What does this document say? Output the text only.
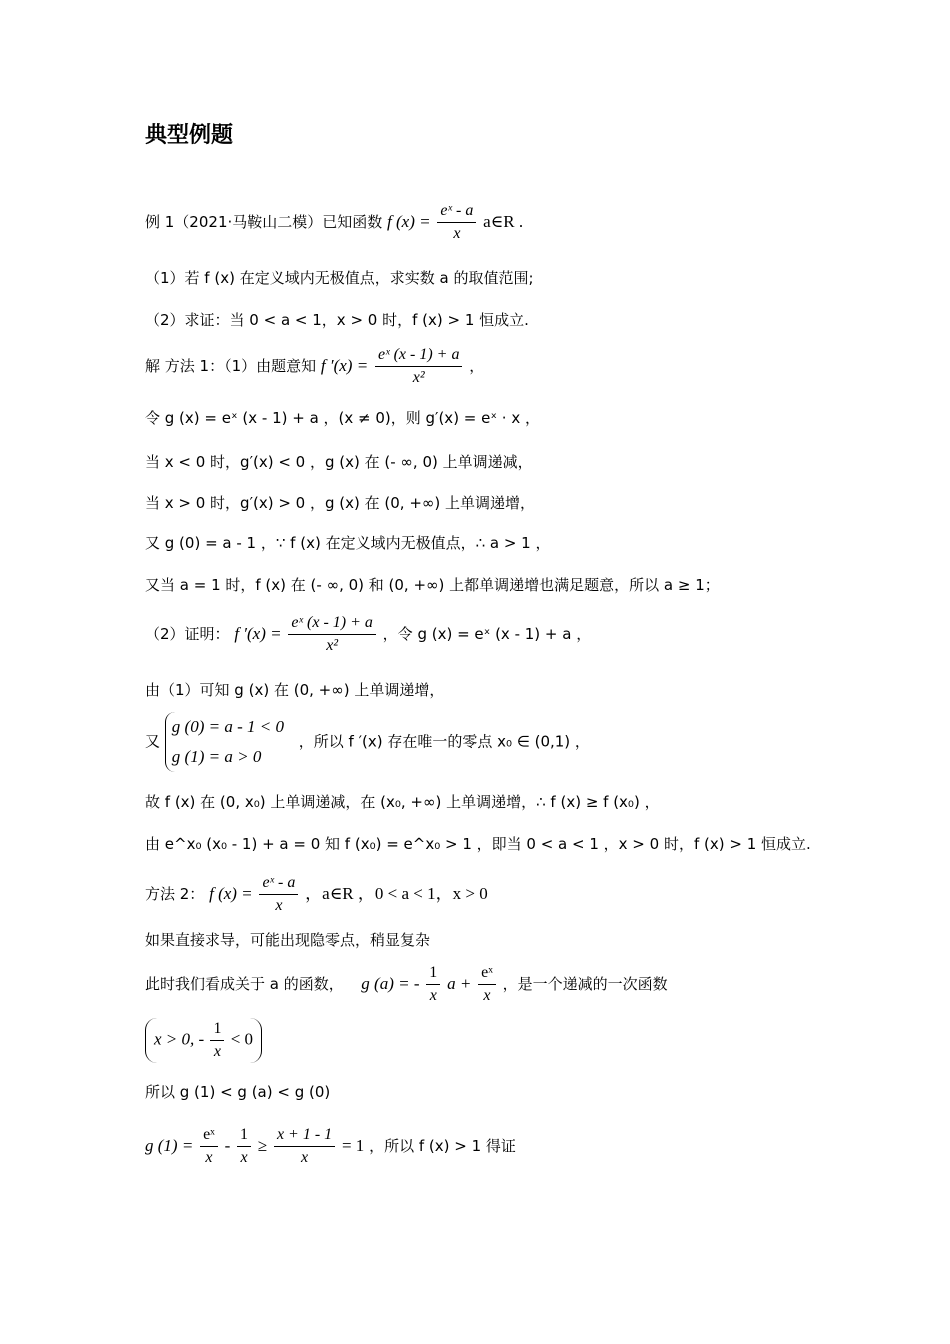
典型例题
例 1（2021·马鞍山二模）已知函数 f $(x) = \frac{\text{eˣ - a}}{x}$ a∈R .
（1）若 f (x) 在定义域内无极值点，求实数 a 的取值范围;
（2）求证：当 0 < a < 1，x > 0 时，f (x) > 1 恒成立.
解 方法 1：（1）由题意知 f $'(x) = \frac{\text{eˣ (x - 1) + a}}{\text{x²}}$ ，
令 g (x) = eˣ (x - 1) + a ，(x ≠ 0)，则 g′(x) = eˣ · x ，
当 x < 0 时，g′(x) < 0 ，g (x) 在 (- ∞, 0) 上单调递减，
当 x > 0 时，g′(x) > 0 ，g (x) 在 (0, +∞) 上单调递增，
又 g (0) = a - 1 ，∵ f (x) 在定义域内无极值点，∴ a > 1 ，
又当 a = 1 时，f (x) 在 (- ∞, 0) 和 (0, +∞) 上都单调递增也满足题意，所以 a ≥ 1；
（2）证明： f $'(x) = \frac{\text{eˣ (x - 1) + a}}{\text{x²}}$ ，令 g (x) = eˣ (x - 1) + a ，
由（1）可知 g (x) 在 (0, +∞) 上单调递增，
又
g (0) = a - 1 < 0
g (1) = a > 0
，所以 f ′(x) 存在唯一的零点 x₀ ∈ (0,1) ，
故 f (x) 在 (0, x₀) 上单调递减，在 (x₀, +∞) 上单调递增，∴ f (x) ≥ f (x₀) ，
由 e^x₀ (x₀ - 1) + a = 0 知 f (x₀) = e^x₀ > 1 ，即当 0 < a < 1 ，x > 0 时，f (x) > 1 恒成立.
方法 2： f $(x) = \frac{\text{eˣ - a}}{x}$ ，a∈R ，0 < a < 1，x > 0
如果直接求导，可能出现隐零点，稍显复杂
此时我们看成关于 a 的函数， g (a) = - $\frac{1}{x}$ $a + \frac{\text{eˣ}}{x}$ ，是一个递减的一次函数
x > 0, - $\frac{1}{x} < 0$
所以 g (1) < g (a) < g (0)
g $(1) = \frac{\text{eˣ}}{x} - \frac{1}{x} \ge \frac{x + 1 - 1}{x} = 1$ ，所以 f (x) > 1 得证
